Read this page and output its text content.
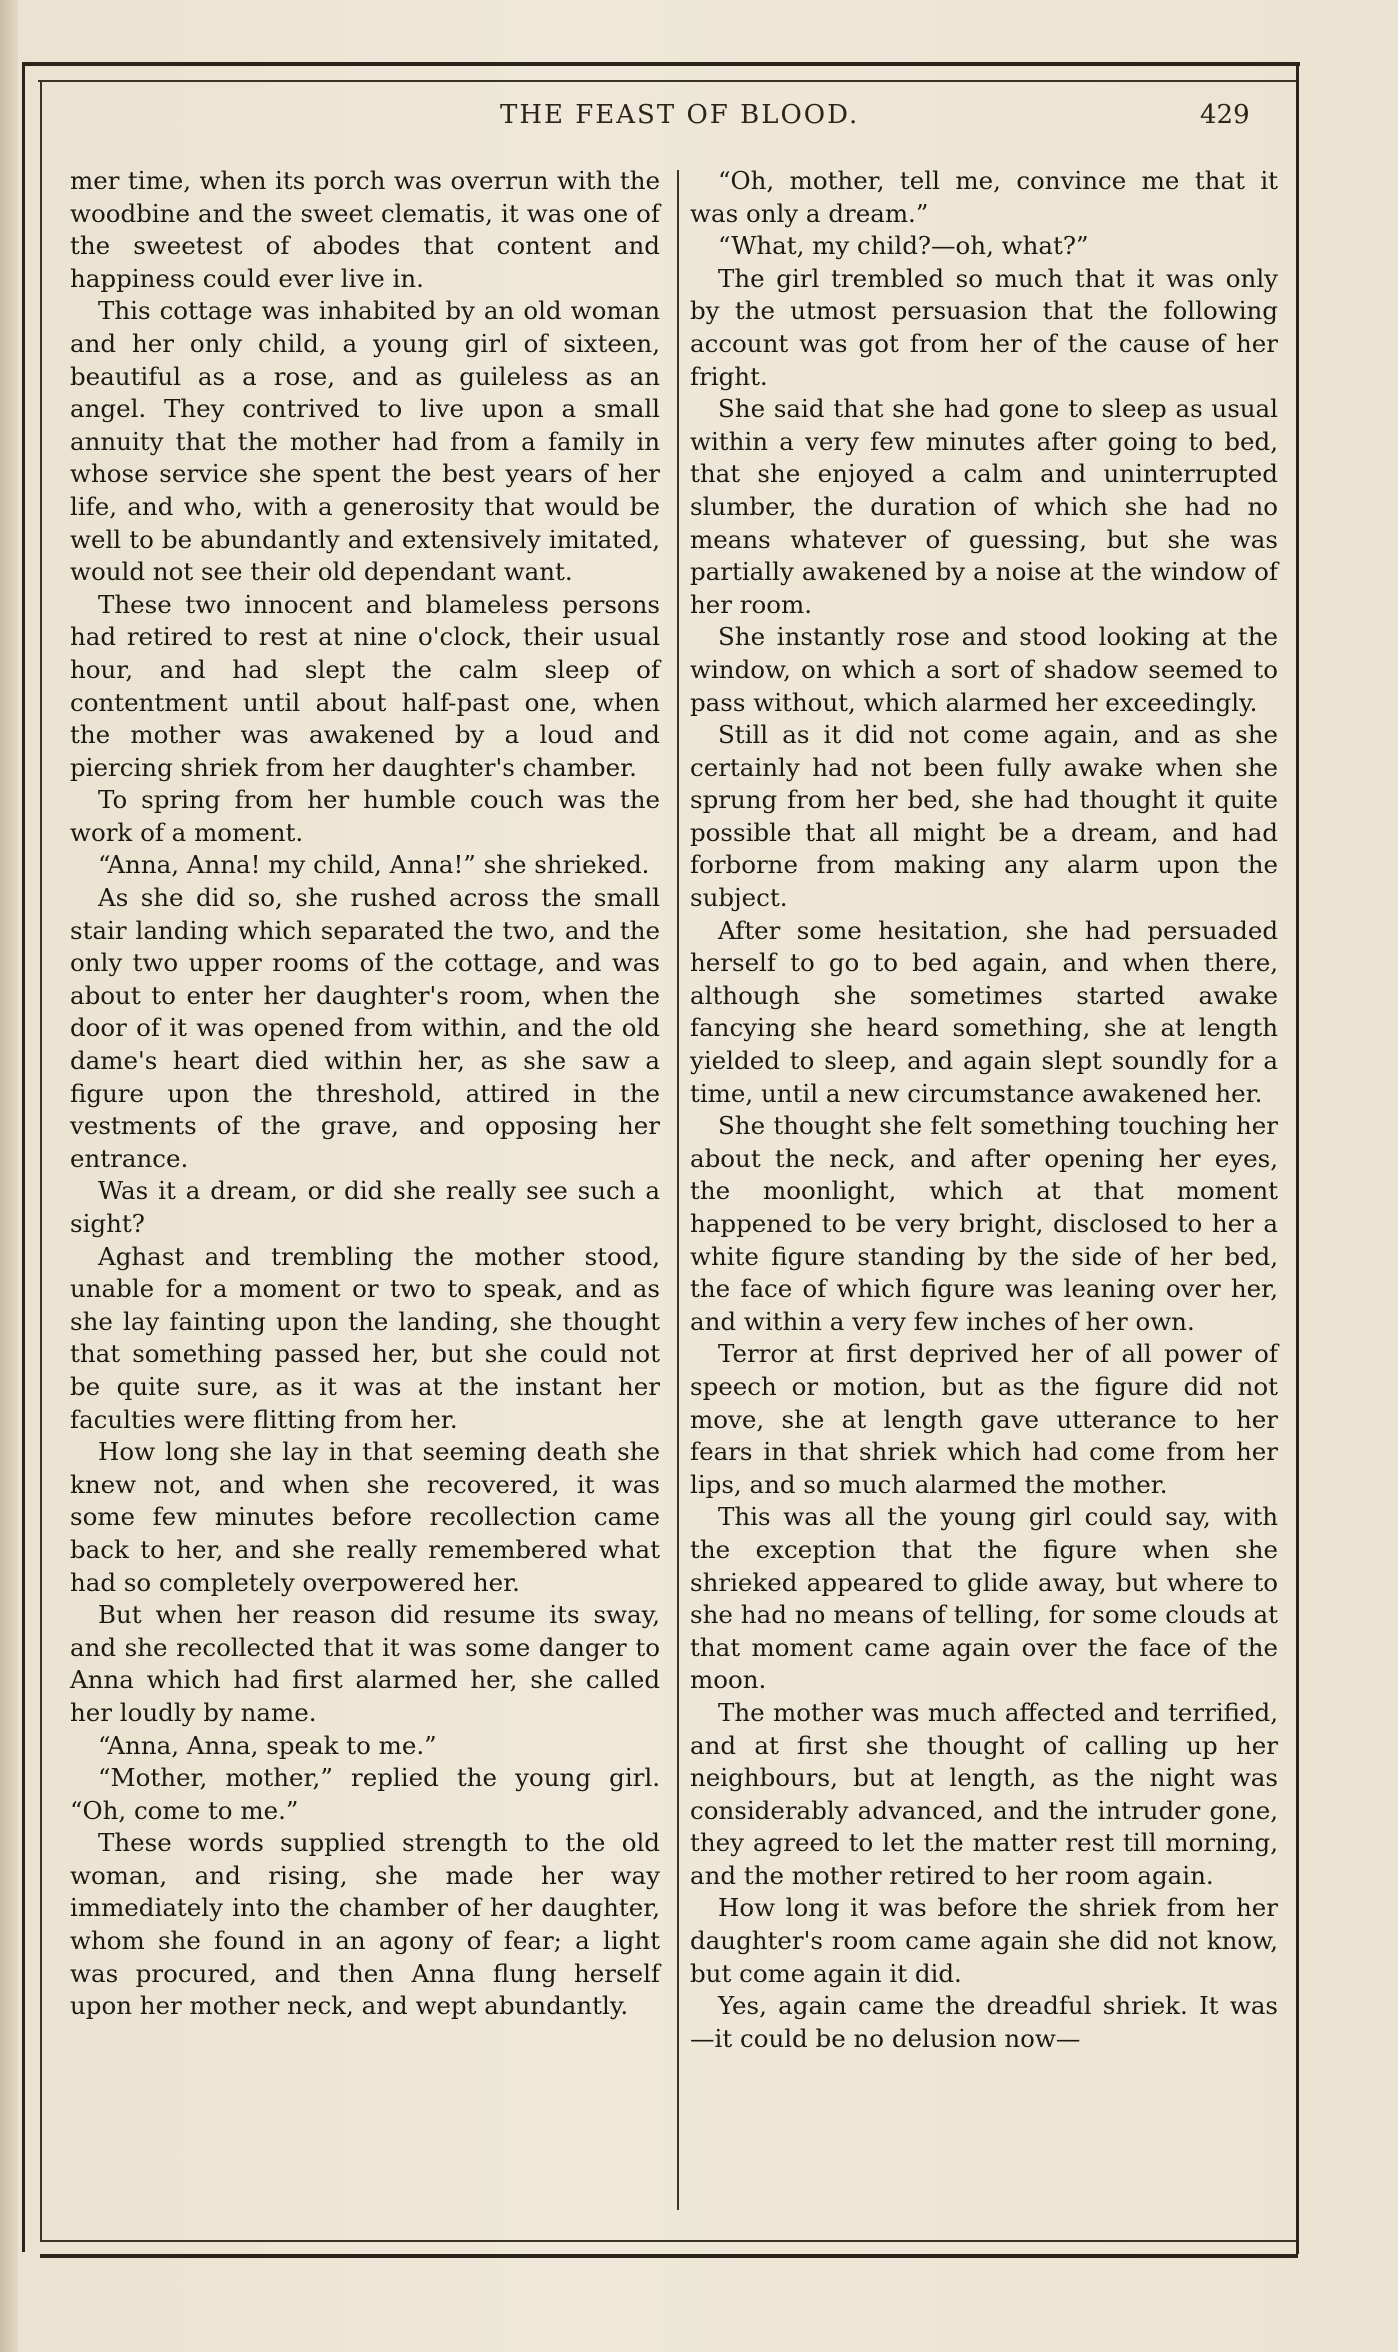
THE FEAST OF BLOOD.	429

mer time, when its porch was overrun with the woodbine and the sweet clematis, it was one of the sweetest of abodes that content and happiness could ever live in.

This cottage was inhabited by an old woman and her only child, a young girl of sixteen, beautiful as a rose, and as guileless as an angel. They contrived to live upon a small annuity that the mother had from a family in whose service she spent the best years of her life, and who, with a generosity that would be well to be abundantly and extensively imitated, would not see their old dependant want.

These two innocent and blameless persons had retired to rest at nine o'clock, their usual hour, and had slept the calm sleep of contentment until about half-past one, when the mother was awakened by a loud and piercing shriek from her daughter's chamber.

To spring from her humble couch was the work of a moment.

“Anna, Anna! my child, Anna!” she shrieked.

As she did so, she rushed across the small stair landing which separated the two, and the only two upper rooms of the cottage, and was about to enter her daughter's room, when the door of it was opened from within, and the old dame's heart died within her, as she saw a figure upon the threshold, attired in the vestments of the grave, and opposing her entrance.

Was it a dream, or did she really see such a sight?

Aghast and trembling the mother stood, unable for a moment or two to speak, and as she lay fainting upon the landing, she thought that something passed her, but she could not be quite sure, as it was at the instant her faculties were flitting from her.

How long she lay in that seeming death she knew not, and when she recovered, it was some few minutes before recollection came back to her, and she really remembered what had so completely overpowered her.

But when her reason did resume its sway, and she recollected that it was some danger to Anna which had first alarmed her, she called her loudly by name.

“Anna, Anna, speak to me.”

“Mother, mother,” replied the young girl. “Oh, come to me.”

These words supplied strength to the old woman, and rising, she made her way immediately into the chamber of her daughter, whom she found in an agony of fear; a light was procured, and then Anna flung herself upon her mother neck, and wept abundantly.

“Oh, mother, tell me, convince me that it was only a dream.”

“What, my child?—oh, what?”

The girl trembled so much that it was only by the utmost persuasion that the following account was got from her of the cause of her fright.

She said that she had gone to sleep as usual within a very few minutes after going to bed, that she enjoyed a calm and uninterrupted slumber, the duration of which she had no means whatever of guessing, but she was partially awakened by a noise at the window of her room.

She instantly rose and stood looking at the window, on which a sort of shadow seemed to pass without, which alarmed her exceedingly.

Still as it did not come again, and as she certainly had not been fully awake when she sprung from her bed, she had thought it quite possible that all might be a dream, and had forborne from making any alarm upon the subject.

After some hesitation, she had persuaded herself to go to bed again, and when there, although she sometimes started awake fancying she heard something, she at length yielded to sleep, and again slept soundly for a time, until a new circumstance awakened her.

She thought she felt something touching her about the neck, and after opening her eyes, the moonlight, which at that moment happened to be very bright, disclosed to her a white figure standing by the side of her bed, the face of which figure was leaning over her, and within a very few inches of her own.

Terror at first deprived her of all power of speech or motion, but as the figure did not move, she at length gave utterance to her fears in that shriek which had come from her lips, and so much alarmed the mother.

This was all the young girl could say, with the exception that the figure when she shrieked appeared to glide away, but where to she had no means of telling, for some clouds at that moment came again over the face of the moon.

The mother was much affected and terrified, and at first she thought of calling up her neighbours, but at length, as the night was considerably advanced, and the intruder gone, they agreed to let the matter rest till morning, and the mother retired to her room again.

How long it was before the shriek from her daughter's room came again she did not know, but come again it did.

Yes, again came the dreadful shriek. It was—it could be no delusion now—
